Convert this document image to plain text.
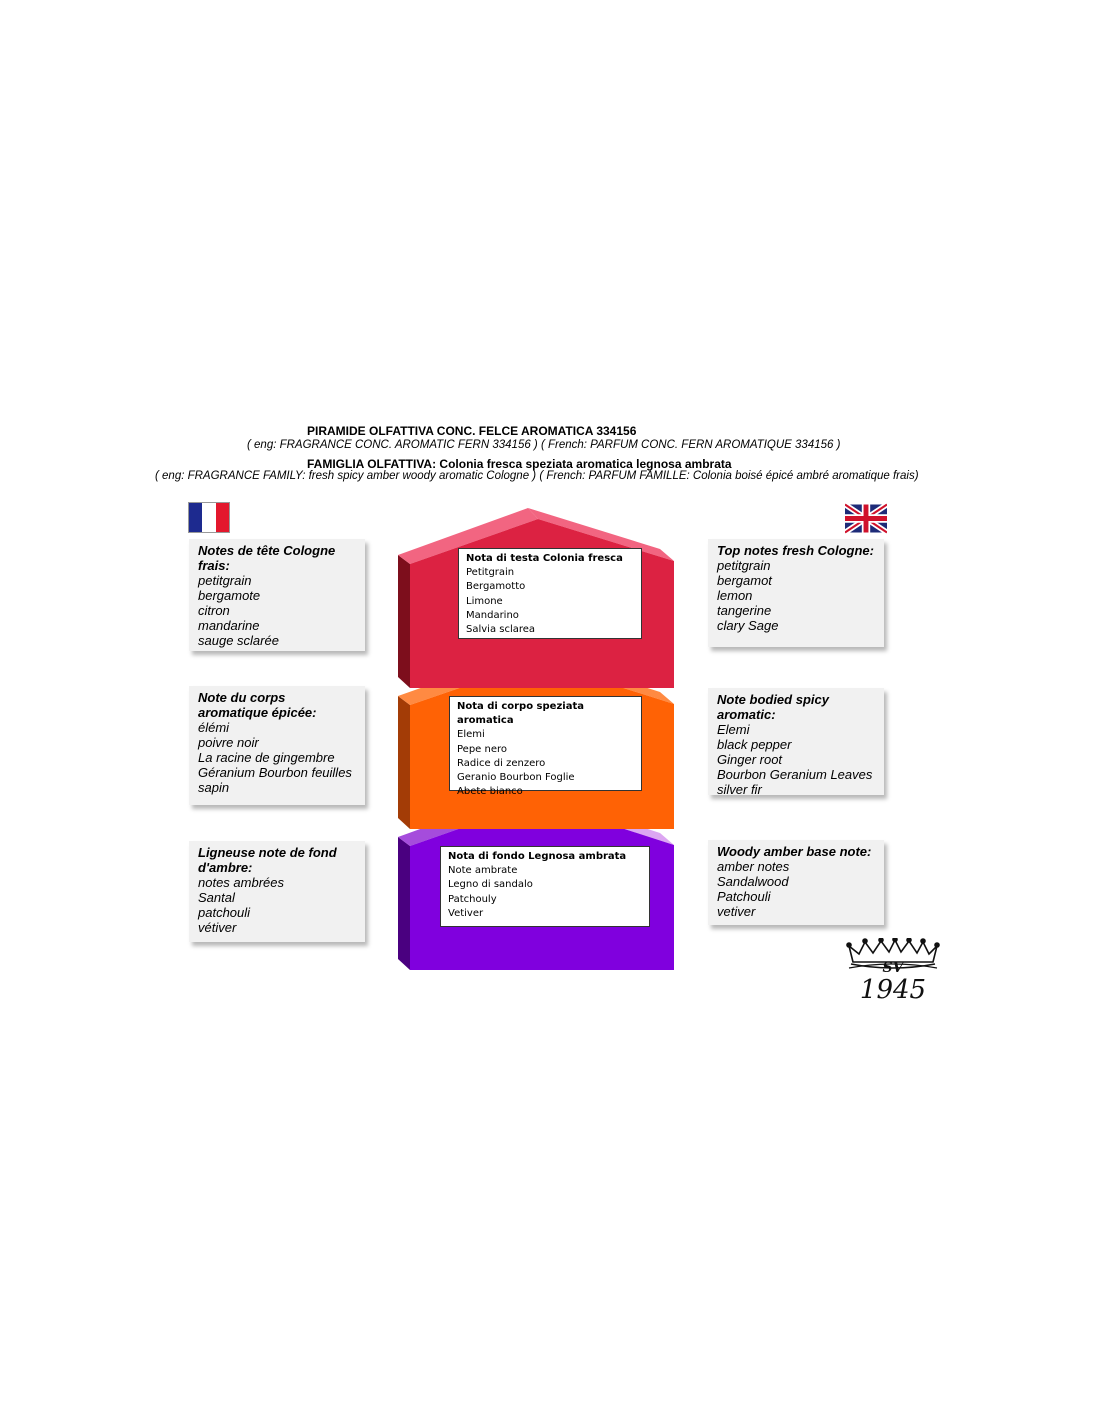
PIRAMIDE OLFATTIVA CONC. FELCE AROMATICA 334156
( eng: FRAGRANCE CONC. AROMATIC FERN 334156 ) ( French: PARFUM CONC. FERN AROMATIQUE 334156 )
FAMIGLIA OLFATTIVA: Colonia fresca speziata aromatica legnosa ambrata
( eng: FRAGRANCE FAMILY: fresh spicy amber woody aromatic Cologne ) ( French: PARFUM FAMILLE: Colonia boisé épicé ambré aromatique frais)
Notes de tête Cologne frais:
petitgrain
bergamote
citron
mandarine
sauge sclarée
Note du corps aromatique épicée:
élémi
poivre noir
La racine de gingembre
Géranium Bourbon feuilles
sapin
Ligneuse note de fond d'ambre:
notes ambrées
Santal
patchouli
vétiver
Top notes fresh Cologne:
petitgrain
bergamot
lemon
tangerine
clary Sage
Note bodied spicy aromatic:
Elemi
black pepper
Ginger root
Bourbon Geranium Leaves
silver fir
Woody amber base note:
amber notes
Sandalwood
Patchouli
vetiver
Nota di testa Colonia fresca
Petitgrain
Bergamotto
Limone
Mandarino
Salvia sclarea
Nota di corpo speziata aromatica
Elemi
Pepe nero
Radice di zenzero
Geranio Bourbon Foglie
Abete bianco
Nota di fondo Legnosa ambrata
Note ambrate
Legno di sandalo
Patchouly
Vetiver
SV
1945
